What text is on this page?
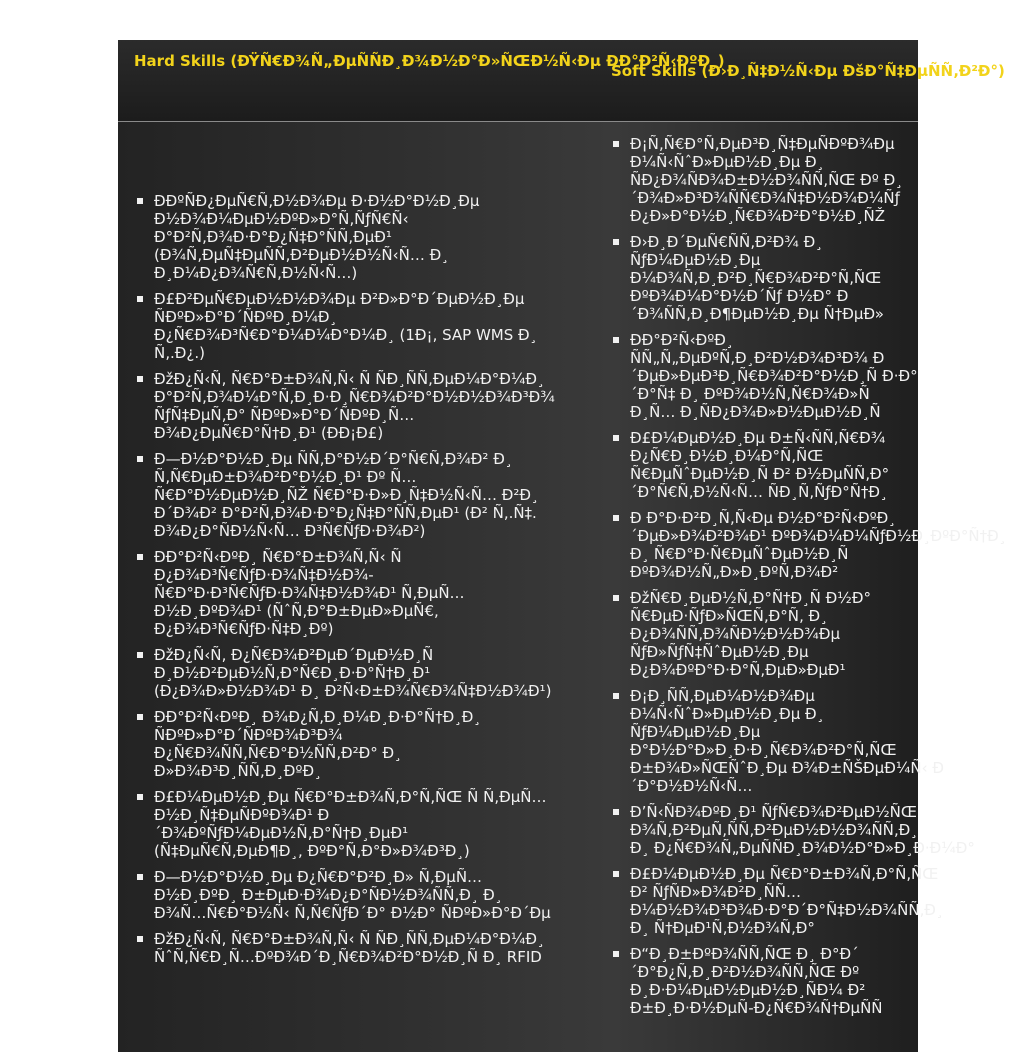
Hard Skills (ÐŸÑ€Ð¾Ñ„ÐµÑÑÐ¸Ð¾Ð½Ð°Ð»ÑŒÐ½Ñ‹Ðµ ÐÐ°Ð²Ñ‹ÐºÐ¸)
Soft Skills (Ð›Ð¸Ñ‡Ð½Ñ‹Ðµ ÐšÐ°Ñ‡ÐµÑÑ‚Ð²Ð°)
ÐÐºÑÐ¿ÐµÑ€Ñ‚Ð½Ð¾Ðµ Ð·Ð½Ð°Ð½Ð¸Ðµ
Ð½Ð¾Ð¼ÐµÐ½ÐºÐ»Ð°Ñ‚ÑƒÑ€Ñ‹
Ð°Ð²Ñ‚Ð¾Ð·Ð°Ð¿Ñ‡Ð°ÑÑ‚ÐµÐ¹
(Ð¾Ñ‚ÐµÑ‡ÐµÑÑ‚Ð²ÐµÐ½Ð½Ñ‹Ñ… Ð¸
Ð¸Ð¼Ð¿Ð¾Ñ€Ñ‚Ð½Ñ‹Ñ…)
Ð£Ð²ÐµÑ€ÐµÐ½Ð½Ð¾Ðµ Ð²Ð»Ð°Ð´ÐµÐ½Ð¸Ðµ
ÑÐºÐ»Ð°Ð´ÑÐºÐ¸Ð¼Ð¸
Ð¿Ñ€Ð¾Ð³Ñ€Ð°Ð¼Ð¼Ð°Ð¼Ð¸ (1Ð¡, SAP WMS Ð¸
Ñ‚.Ð¿.)
ÐžÐ¿Ñ‹Ñ‚ Ñ€Ð°Ð±Ð¾Ñ‚Ñ‹ Ñ ÑÐ¸ÑÑ‚ÐµÐ¼Ð°Ð¼Ð¸
Ð°Ð²Ñ‚Ð¾Ð¼Ð°Ñ‚Ð¸Ð·Ð¸Ñ€Ð¾Ð²Ð°Ð½Ð½Ð¾Ð³Ð¾
ÑƒÑ‡ÐµÑ‚Ð° ÑÐºÐ»Ð°Ð´ÑÐºÐ¸Ñ…
Ð¾Ð¿ÐµÑ€Ð°Ñ†Ð¸Ð¹ (ÐÐ¡Ð£)
Ð—Ð½Ð°Ð½Ð¸Ðµ ÑÑ‚Ð°Ð½Ð´Ð°Ñ€Ñ‚Ð¾Ð² Ð¸
Ñ‚Ñ€ÐµÐ±Ð¾Ð²Ð°Ð½Ð¸Ð¹ Ðº Ñ…
Ñ€Ð°Ð½ÐµÐ½Ð¸ÑŽ Ñ€Ð°Ð·Ð»Ð¸Ñ‡Ð½Ñ‹Ñ… Ð²Ð¸
Ð´Ð¾Ð² Ð°Ð²Ñ‚Ð¾Ð·Ð°Ð¿Ñ‡Ð°ÑÑ‚ÐµÐ¹ (Ð² Ñ‚.Ñ‡.
Ð¾Ð¿Ð°ÑÐ½Ñ‹Ñ… Ð³Ñ€ÑƒÐ·Ð¾Ð²)
ÐÐ°Ð²Ñ‹ÐºÐ¸ Ñ€Ð°Ð±Ð¾Ñ‚Ñ‹ Ñ
Ð¿Ð¾Ð³Ñ€ÑƒÐ·Ð¾Ñ‡Ð½Ð¾-
Ñ€Ð°Ð·Ð³Ñ€ÑƒÐ·Ð¾Ñ‡Ð½Ð¾Ð¹ Ñ‚ÐµÑ…
Ð½Ð¸ÐºÐ¾Ð¹ (ÑˆÑ‚Ð°Ð±ÐµÐ»ÐµÑ€,
Ð¿Ð¾Ð³Ñ€ÑƒÐ·Ñ‡Ð¸Ðº)
ÐžÐ¿Ñ‹Ñ‚ Ð¿Ñ€Ð¾Ð²ÐµÐ´ÐµÐ½Ð¸Ñ
Ð¸Ð½Ð²ÐµÐ½Ñ‚Ð°Ñ€Ð¸Ð·Ð°Ñ†Ð¸Ð¹
(Ð¿Ð¾Ð»Ð½Ð¾Ð¹ Ð¸ Ð²Ñ‹Ð±Ð¾Ñ€Ð¾Ñ‡Ð½Ð¾Ð¹)
ÐÐ°Ð²Ñ‹ÐºÐ¸ Ð¾Ð¿Ñ‚Ð¸Ð¼Ð¸Ð·Ð°Ñ†Ð¸Ð¸
ÑÐºÐ»Ð°Ð´ÑÐºÐ¾Ð³Ð¾
Ð¿Ñ€Ð¾ÑÑ‚Ñ€Ð°Ð½ÑÑ‚Ð²Ð° Ð¸
Ð»Ð¾Ð³Ð¸ÑÑ‚Ð¸ÐºÐ¸
Ð£Ð¼ÐµÐ½Ð¸Ðµ Ñ€Ð°Ð±Ð¾Ñ‚Ð°Ñ‚ÑŒ Ñ Ñ‚ÐµÑ…
Ð½Ð¸Ñ‡ÐµÑÐºÐ¾Ð¹ Ð
´Ð¾ÐºÑƒÐ¼ÐµÐ½Ñ‚Ð°Ñ†Ð¸ÐµÐ¹
(Ñ‡ÐµÑ€Ñ‚ÐµÐ¶Ð¸, ÐºÐ°Ñ‚Ð°Ð»Ð¾Ð³Ð¸)
Ð—Ð½Ð°Ð½Ð¸Ðµ Ð¿Ñ€Ð°Ð²Ð¸Ð» Ñ‚ÐµÑ…
Ð½Ð¸ÐºÐ¸ Ð±ÐµÐ·Ð¾Ð¿Ð°ÑÐ½Ð¾ÑÑ‚Ð¸ Ð¸
Ð¾Ñ…Ñ€Ð°Ð½Ñ‹ Ñ‚Ñ€ÑƒÐ´Ð° Ð½Ð° ÑÐºÐ»Ð°Ð´Ðµ
ÐžÐ¿Ñ‹Ñ‚ Ñ€Ð°Ð±Ð¾Ñ‚Ñ‹ Ñ ÑÐ¸ÑÑ‚ÐµÐ¼Ð°Ð¼Ð¸
ÑˆÑ‚Ñ€Ð¸Ñ…ÐºÐ¾Ð´Ð¸Ñ€Ð¾Ð²Ð°Ð½Ð¸Ñ Ð¸ RFID
Ð¡Ñ‚Ñ€Ð°Ñ‚ÐµÐ³Ð¸Ñ‡ÐµÑÐºÐ¾Ðµ
Ð¼Ñ‹ÑˆÐ»ÐµÐ½Ð¸Ðµ Ð¸
ÑÐ¿Ð¾ÑÐ¾Ð±Ð½Ð¾ÑÑ‚ÑŒ Ðº Ð¸
´Ð¾Ð»Ð³Ð¾ÑÑ€Ð¾Ñ‡Ð½Ð¾Ð¼Ñƒ
Ð¿Ð»Ð°Ð½Ð¸Ñ€Ð¾Ð²Ð°Ð½Ð¸ÑŽ
Ð›Ð¸Ð´ÐµÑ€ÑÑ‚Ð²Ð¾ Ð¸
ÑƒÐ¼ÐµÐ½Ð¸Ðµ
Ð¼Ð¾Ñ‚Ð¸Ð²Ð¸Ñ€Ð¾Ð²Ð°Ñ‚ÑŒ
ÐºÐ¾Ð¼Ð°Ð½Ð´Ñƒ Ð½Ð° Ð
´Ð¾ÑÑ‚Ð¸Ð¶ÐµÐ½Ð¸Ðµ Ñ†ÐµÐ»
ÐÐ°Ð²Ñ‹ÐºÐ¸
ÑÑ„Ñ„ÐµÐºÑ‚Ð¸Ð²Ð½Ð¾Ð³Ð¾ Ð
´ÐµÐ»ÐµÐ³Ð¸Ñ€Ð¾Ð²Ð°Ð½Ð¸Ñ Ð·Ð°
´Ð°Ñ‡ Ð¸ ÐºÐ¾Ð½Ñ‚Ñ€Ð¾Ð»Ñ
Ð¸Ñ… Ð¸ÑÐ¿Ð¾Ð»Ð½ÐµÐ½Ð¸Ñ
Ð£Ð¼ÐµÐ½Ð¸Ðµ Ð±Ñ‹ÑÑ‚Ñ€Ð¾
Ð¿Ñ€Ð¸Ð½Ð¸Ð¼Ð°Ñ‚ÑŒ
Ñ€ÐµÑˆÐµÐ½Ð¸Ñ Ð² Ð½ÐµÑÑ‚Ð°
´Ð°Ñ€Ñ‚Ð½Ñ‹Ñ… ÑÐ¸Ñ‚ÑƒÐ°Ñ†Ð¸
Ð Ð°Ð·Ð²Ð¸Ñ‚Ñ‹Ðµ Ð½Ð°Ð²Ñ‹ÐºÐ¸
´ÐµÐ»Ð¾Ð²Ð¾Ð¹ ÐºÐ¾Ð¼Ð¼ÑƒÐ½Ð¸ÐºÐ°Ñ†Ð¸
Ð¸ Ñ€Ð°Ð·Ñ€ÐµÑˆÐµÐ½Ð¸Ñ
ÐºÐ¾Ð½Ñ„Ð»Ð¸ÐºÑ‚Ð¾Ð²
ÐžÑ€Ð¸ÐµÐ½Ñ‚Ð°Ñ†Ð¸Ñ Ð½Ð°
Ñ€ÐµÐ·ÑƒÐ»ÑŒÑ‚Ð°Ñ‚ Ð¸
Ð¿Ð¾ÑÑ‚Ð¾ÑÐ½Ð½Ð¾Ðµ
ÑƒÐ»ÑƒÑ‡ÑˆÐµÐ½Ð¸Ðµ
Ð¿Ð¾ÐºÐ°Ð·Ð°Ñ‚ÐµÐ»ÐµÐ¹
Ð¡Ð¸ÑÑ‚ÐµÐ¼Ð½Ð¾Ðµ
Ð¼Ñ‹ÑˆÐ»ÐµÐ½Ð¸Ðµ Ð¸
ÑƒÐ¼ÐµÐ½Ð¸Ðµ
Ð°Ð½Ð°Ð»Ð¸Ð·Ð¸Ñ€Ð¾Ð²Ð°Ñ‚ÑŒ
Ð±Ð¾Ð»ÑŒÑˆÐ¸Ðµ Ð¾Ð±ÑŠÐµÐ¼Ñ‹ Ð
´Ð°Ð½Ð½Ñ‹Ñ…
Ð’Ñ‹ÑÐ¾ÐºÐ¸Ð¹ ÑƒÑ€Ð¾Ð²ÐµÐ½ÑŒ
Ð¾Ñ‚Ð²ÐµÑ‚ÑÑ‚Ð²ÐµÐ½Ð½Ð¾ÑÑ‚Ð¸
Ð¸ Ð¿Ñ€Ð¾Ñ„ÐµÑÑÐ¸Ð¾Ð½Ð°Ð»Ð¸Ð·Ð¼Ð°
Ð£Ð¼ÐµÐ½Ð¸Ðµ Ñ€Ð°Ð±Ð¾Ñ‚Ð°Ñ‚ÑŒ
Ð² ÑƒÑÐ»Ð¾Ð²Ð¸ÑÑ…
Ð¼Ð½Ð¾Ð³Ð¾Ð·Ð°Ð´Ð°Ñ‡Ð½Ð¾ÑÑ‚Ð¸
Ð¸ Ñ†ÐµÐ¹Ñ‚Ð½Ð¾Ñ‚Ð°
Ð“Ð¸Ð±ÐºÐ¾ÑÑ‚ÑŒ Ð¸ Ð°Ð´
´Ð°Ð¿Ñ‚Ð¸Ð²Ð½Ð¾ÑÑ‚ÑŒ Ðº
Ð¸Ð·Ð¼ÐµÐ½ÐµÐ½Ð¸ÑÐ¼ Ð²
Ð±Ð¸Ð·Ð½ÐµÑ-Ð¿Ñ€Ð¾Ñ†ÐµÑÑ
